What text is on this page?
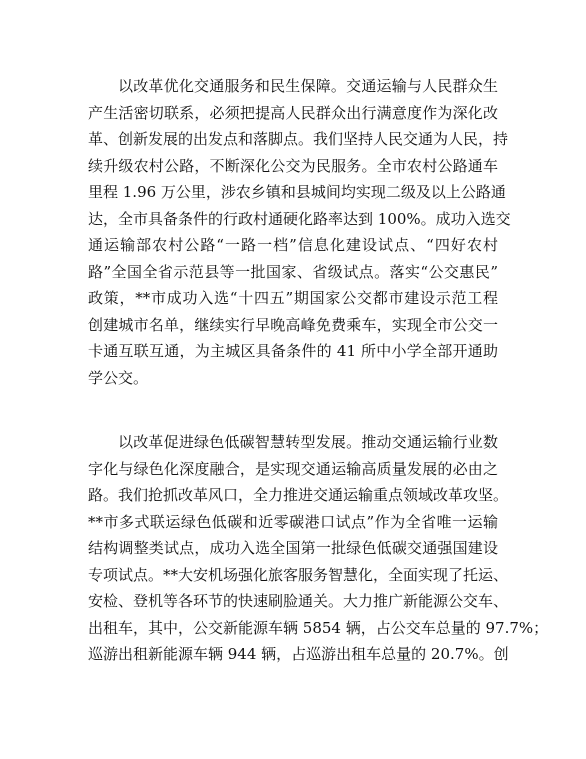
以改革优化交通服务和民生保障。交通运输与人民群众生
产生活密切联系，必须把提高人民群众出行满意度作为深化改
革、创新发展的出发点和落脚点。我们坚持人民交通为人民，持
续升级农村公路，不断深化公交为民服务。全市农村公路通车
里程 1.96 万公里，涉农乡镇和县城间均实现二级及以上公路通
达，全市具备条件的行政村通硬化路率达到 100%。成功入选交
通运输部农村公路“一路一档”信息化建设试点、“四好农村
路”全国全省示范县等一批国家、省级试点。落实“公交惠民”
政策，**市成功入选“十四五”期国家公交都市建设示范工程
创建城市名单，继续实行早晚高峰免费乘车，实现全市公交一
卡通互联互通，为主城区具备条件的 41 所中小学全部开通助
学公交。
以改革促进绿色低碳智慧转型发展。推动交通运输行业数
字化与绿色化深度融合，是实现交通运输高质量发展的必由之
路。我们抢抓改革风口，全力推进交通运输重点领域改革攻坚。
**市多式联运绿色低碳和近零碳港口试点”作为全省唯一运输
结构调整类试点，成功入选全国第一批绿色低碳交通强国建设
专项试点。**大安机场强化旅客服务智慧化，全面实现了托运、
安检、登机等各环节的快速刷脸通关。大力推广新能源公交车、
出租车，其中，公交新能源车辆 5854 辆，占公交车总量的 97.7%；
巡游出租新能源车辆 944 辆，占巡游出租车总量的 20.7%。创
